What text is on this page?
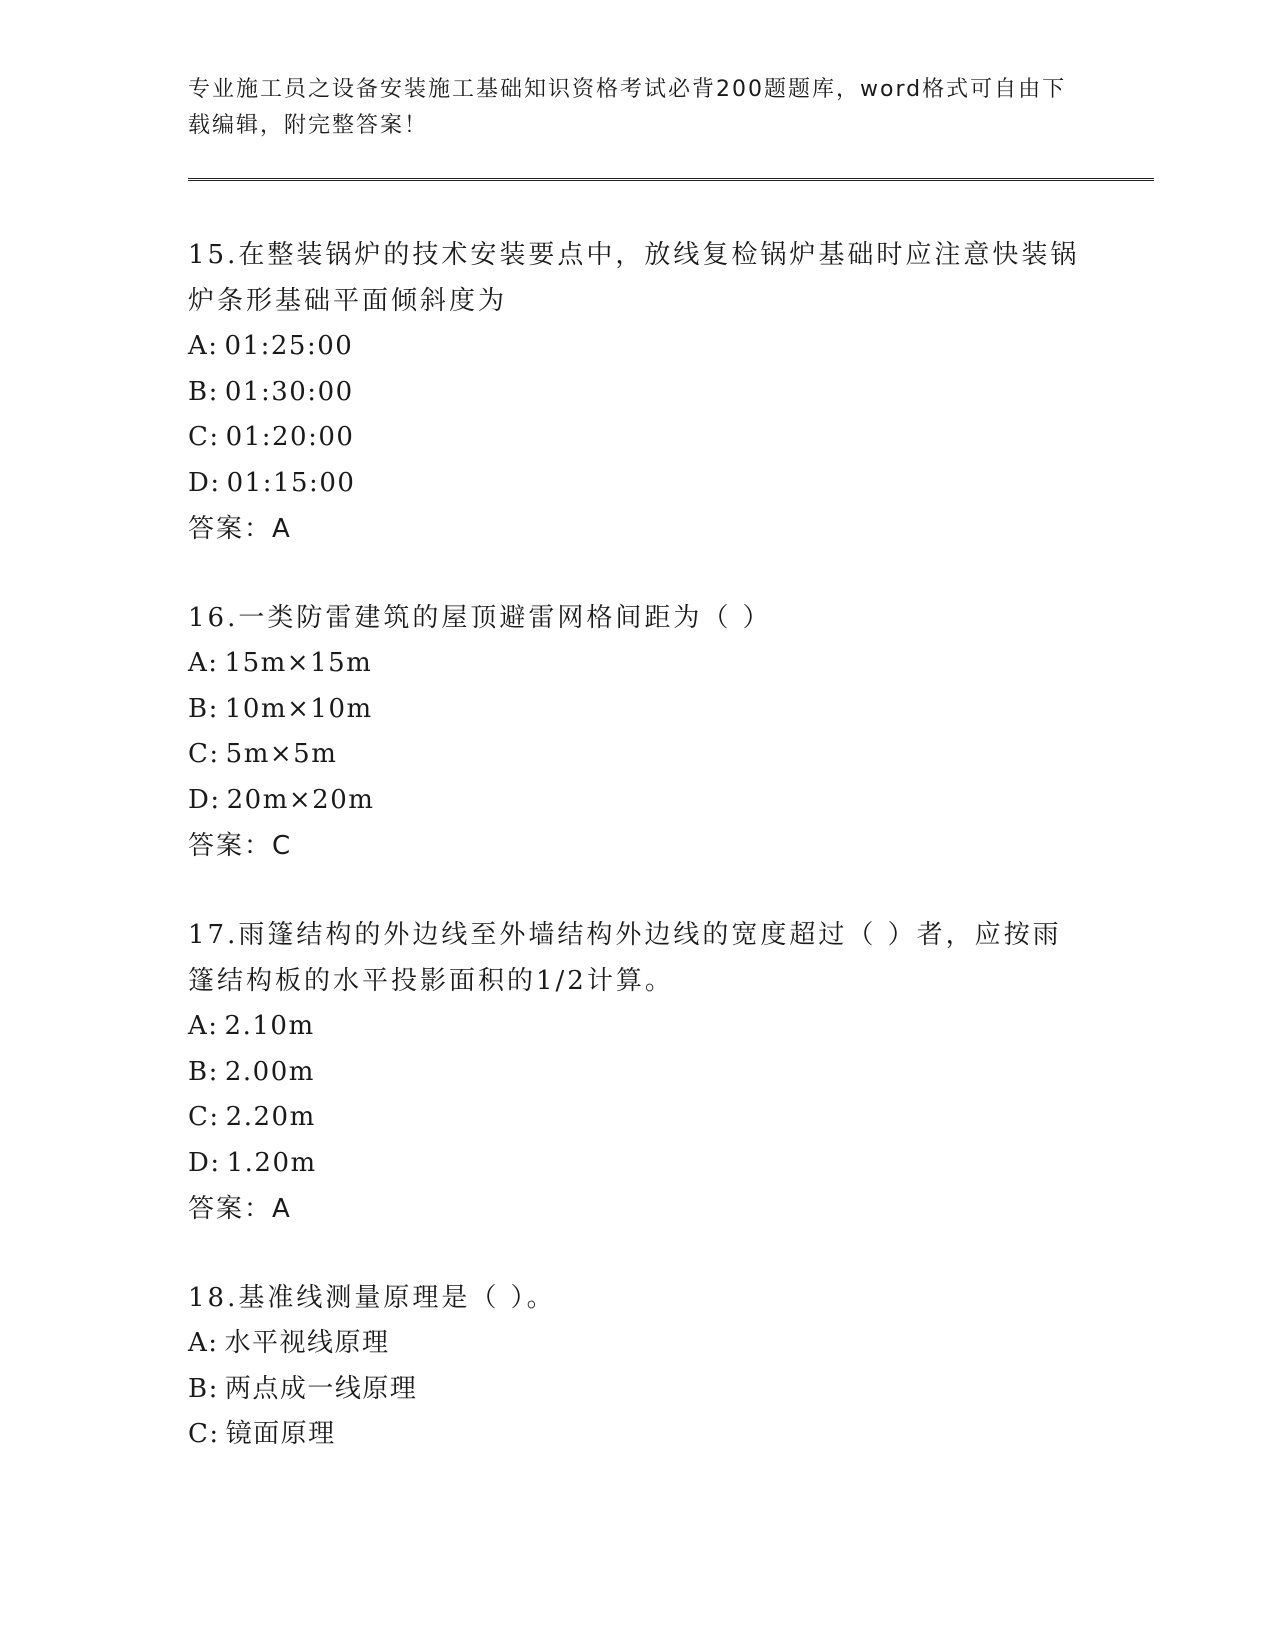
专业施工员之设备安装施工基础知识资格考试必背200题题库，word格式可自由下载编辑，附完整答案！
15.在整装锅炉的技术安装要点中，放线复检锅炉基础时应注意快装锅炉条形基础平面倾斜度为
A: 01:25:00
B: 01:30:00
C: 01:20:00
D: 01:15:00
答案：A
16.一类防雷建筑的屋顶避雷网格间距为（ ）
A: 15m×15m
B: 10m×10m
C: 5m×5m
D: 20m×20m
答案：C
17.雨篷结构的外边线至外墙结构外边线的宽度超过（ ）者，应按雨篷结构板的水平投影面积的1/2计算。
A: 2.10m
B: 2.00m
C: 2.20m
D: 1.20m
答案：A
18.基准线测量原理是（ ）。
A: 水平视线原理
B: 两点成一线原理
C: 镜面原理
